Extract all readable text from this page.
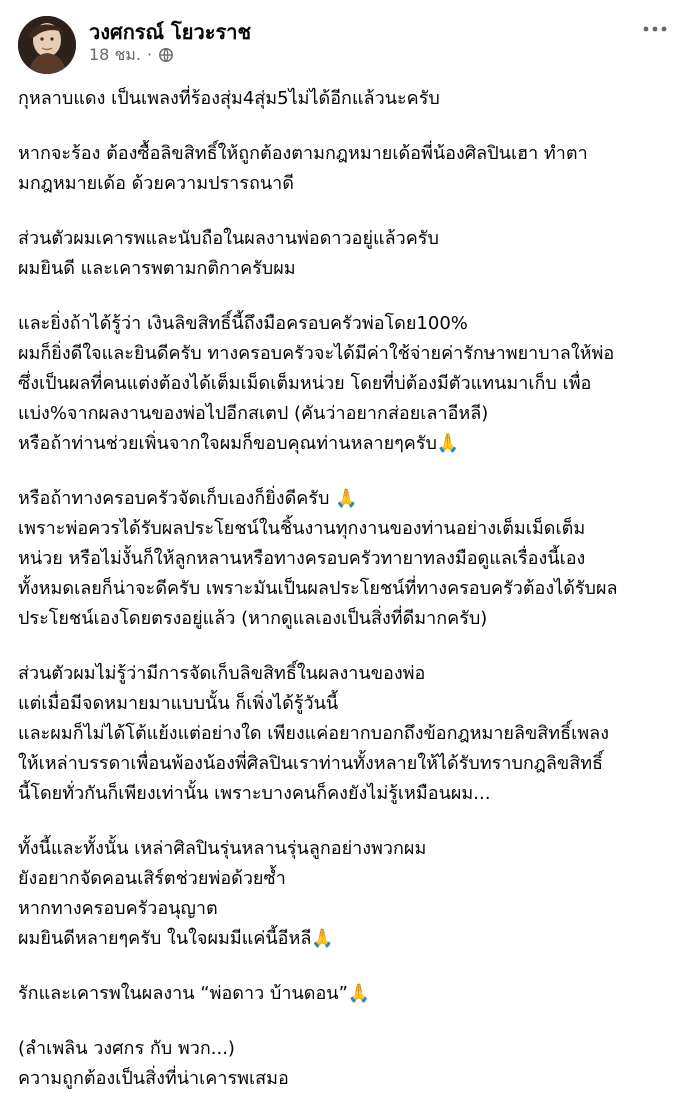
วงศกรณ์ โยวะราช
18 ชม. ·

กุหลาบแดง เป็นเพลงที่ร้องสุ่ม4สุ่ม5ไม่ได้อีกแล้วนะครับ

หากจะร้อง ต้องซื้อลิขสิทธิ์ให้ถูกต้องตามกฎหมายเด้อพี่น้องศิลปินเฮา ทำตา
มกฎหมายเด้อ ด้วยความปรารถนาดี

ส่วนตัวผมเคารพและนับถือในผลงานพ่อดาวอยู่แล้วครับ
ผมยินดี และเคารพตามกติกาครับผม

และยิ่งถ้าได้รู้ว่า เงินลิขสิทธิ์นี้ถึงมือครอบครัวพ่อโดย100%
ผมก็ยิ่งดีใจและยินดีครับ ทางครอบครัวจะได้มีค่าใช้จ่ายค่ารักษาพยาบาลให้พ่อ
ซึ่งเป็นผลที่คนแต่งต้องได้เต็มเม็ดเต็มหน่วย โดยที่บ่ต้องมีตัวแทนมาเก็บ เพื่อ
แบ่ง%จากผลงานของพ่อไปอีกสเตป (คันว่าอยากส่อยเลาอีหลี)
หรือถ้าท่านช่วยเพิ่นจากใจผมก็ขอบคุณท่านหลายๆครับ🙏

หรือถ้าทางครอบครัวจัดเก็บเองก็ยิ่งดีครับ 🙏
เพราะพ่อควรได้รับผลประโยชน์ในชิ้นงานทุกงานของท่านอย่างเต็มเม็ดเต็ม
หน่วย หรือไม่งั้นก็ให้ลูกหลานหรือทางครอบครัวทายาทลงมือดูแลเรื่องนี้เอง
ทั้งหมดเลยก็น่าจะดีครับ เพราะมันเป็นผลประโยชน์ที่ทางครอบครัวต้องได้รับผล
ประโยชน์เองโดยตรงอยู่แล้ว (หากดูแลเองเป็นสิ่งที่ดีมากครับ)

ส่วนตัวผมไม่รู้ว่ามีการจัดเก็บลิขสิทธิ์ในผลงานของพ่อ
แต่เมื่อมีจดหมายมาแบบนั้น ก็เพิ่งได้รู้วันนี้
และผมก็ไม่ได้โต้แย้งแต่อย่างใด เพียงแค่อยากบอกถึงข้อกฎหมายลิขสิทธิ์เพลง
ให้เหล่าบรรดาเพื่อนพ้องน้องพี่ศิลปินเราท่านทั้งหลายให้ได้รับทราบกฎลิขสิทธิ์
นี้โดยทั่วกันก็เพียงเท่านั้น เพราะบางคนก็คงยังไม่รู้เหมือนผม...

ทั้งนี้และทั้งนั้น เหล่าศิลปินรุ่นหลานรุ่นลูกอย่างพวกผม
ยังอยากจัดคอนเสิร์ตช่วยพ่อด้วยซ้ำ
หากทางครอบครัวอนุญาต
ผมยินดีหลายๆครับ ในใจผมมีแค่นี้อีหลี🙏

รักและเคารพในผลงาน “พ่อดาว บ้านดอน”🙏

(ลำเพลิน วงศกร กับ พวก...)
ความถูกต้องเป็นสิ่งที่น่าเคารพเสมอ
